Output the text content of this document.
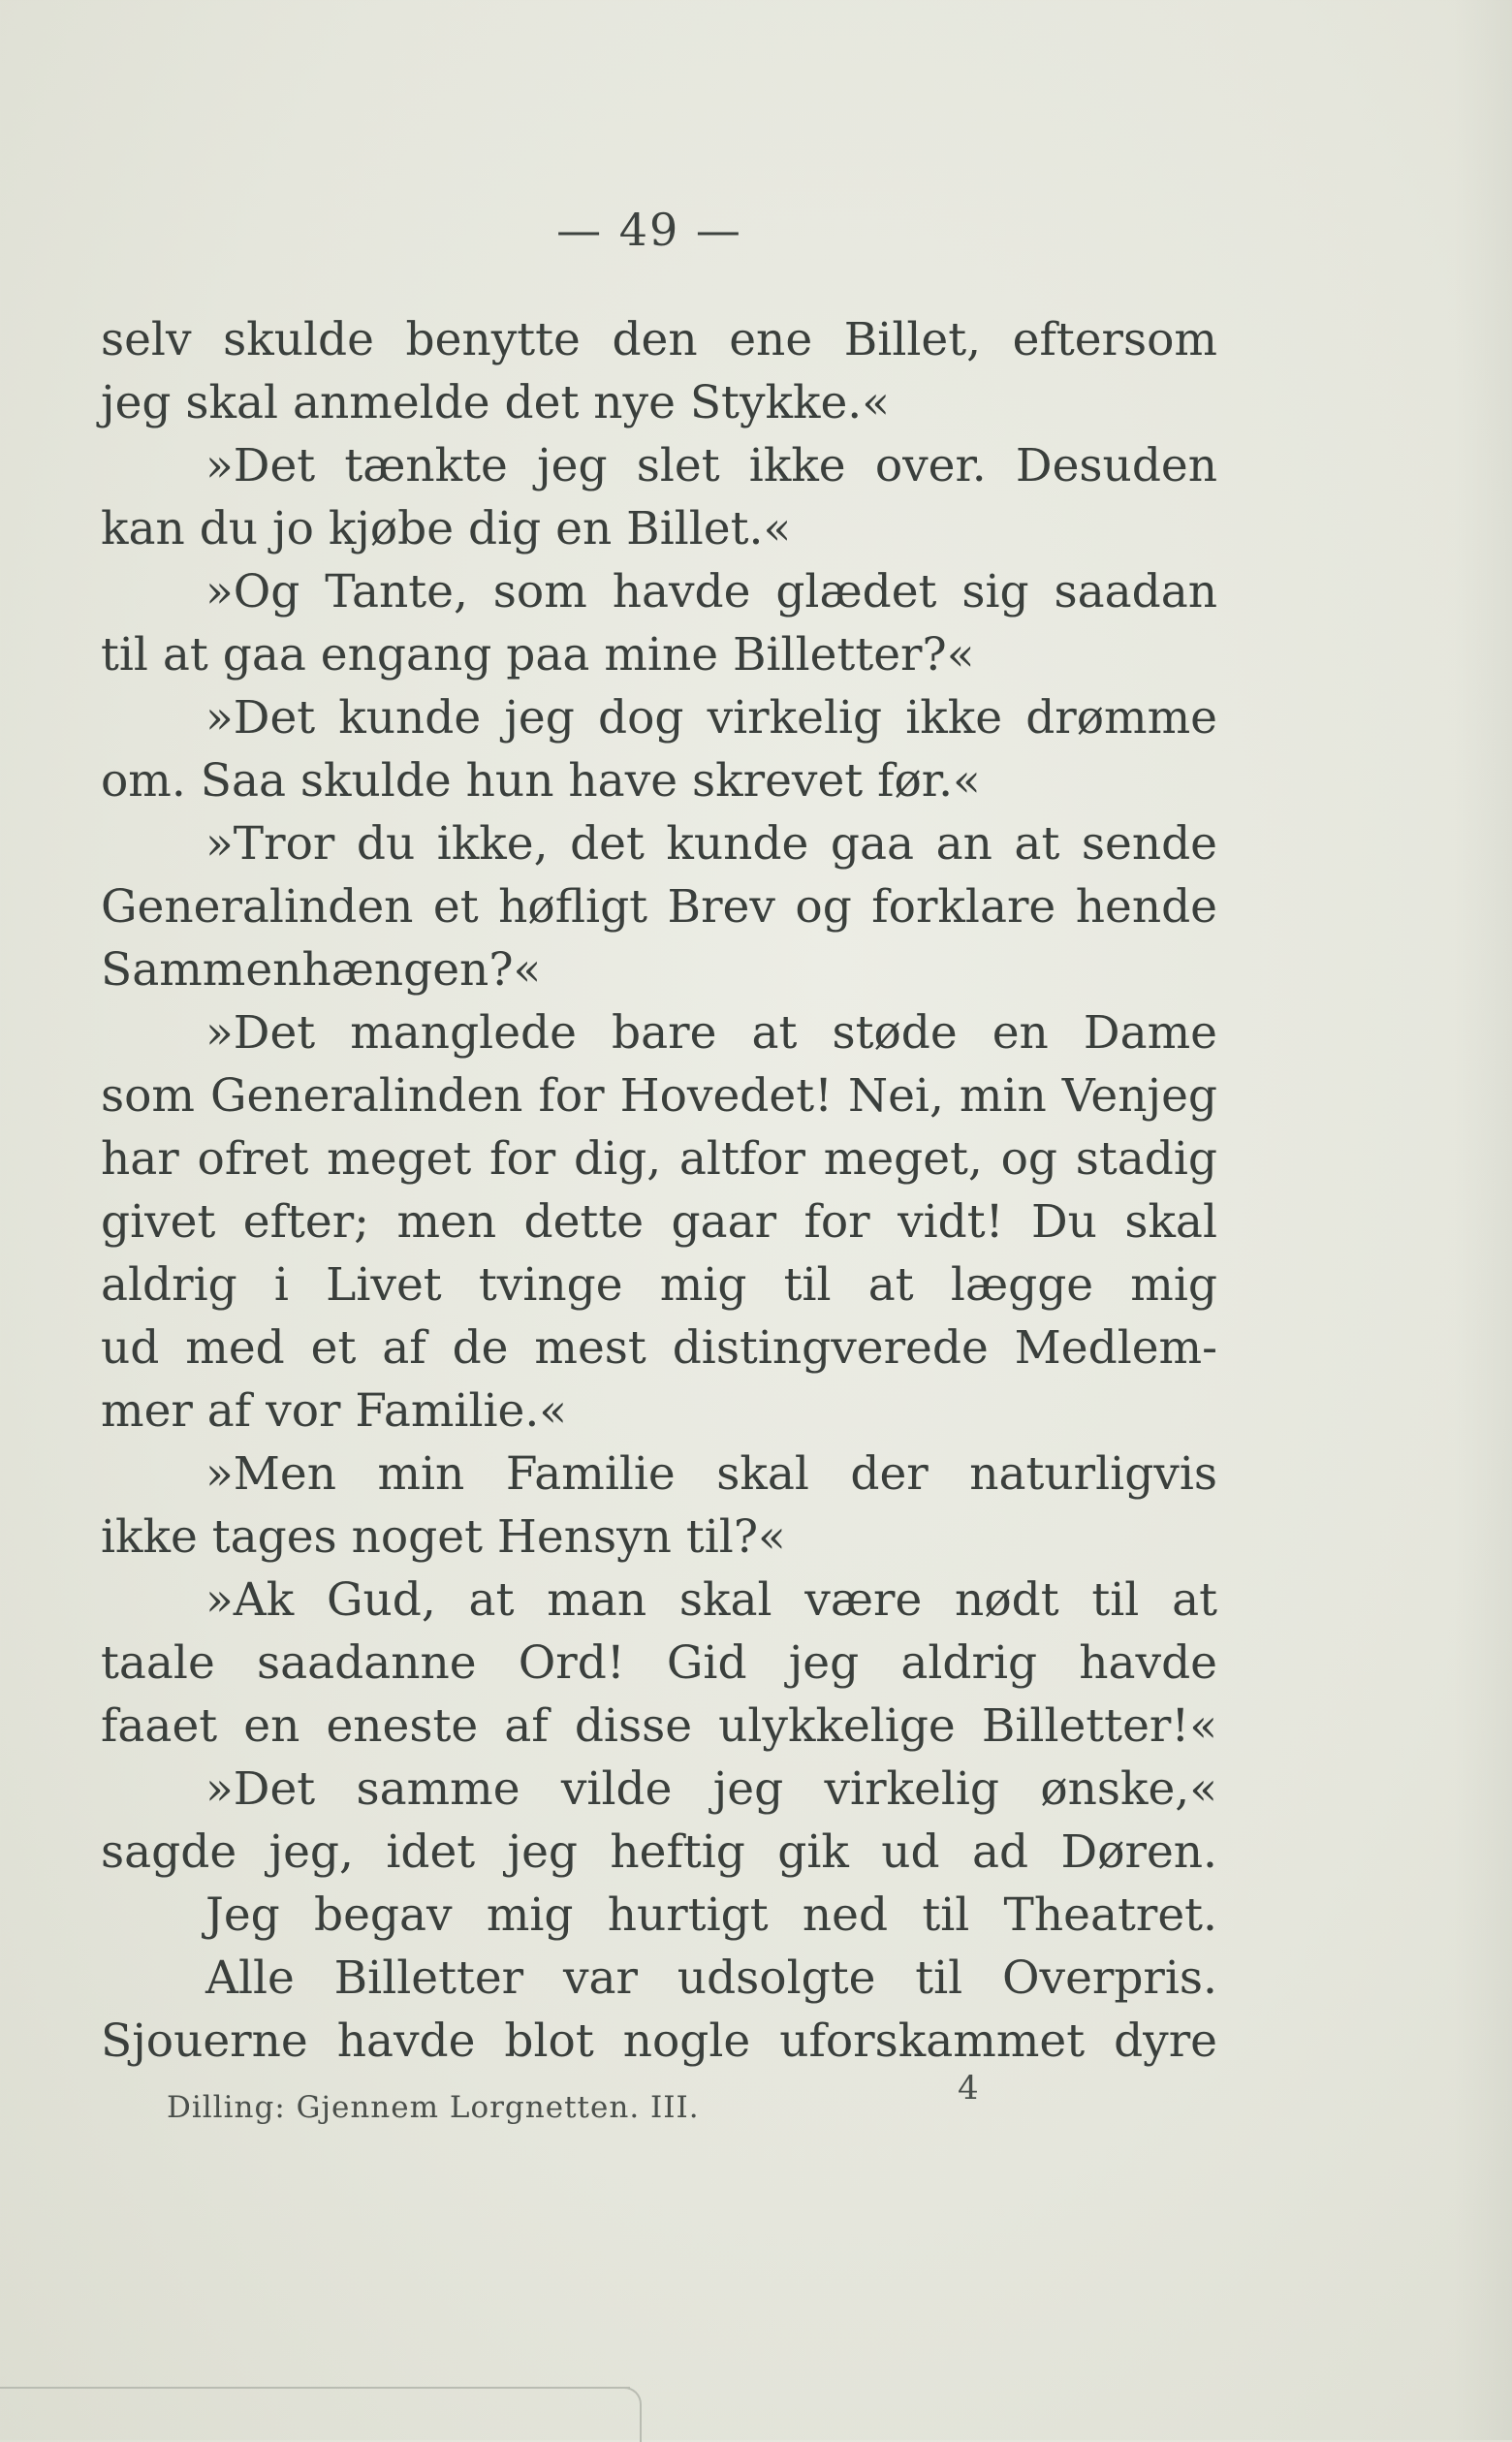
— 49 —
selv skulde benytte den ene Billet, eftersom
jeg skal anmelde det nye Stykke.«
»Det tænkte jeg slet ikke over. Desuden
kan du jo kjøbe dig en Billet.«
»Og Tante, som havde glædet sig saadan
til at gaa engang paa mine Billetter?«
»Det kunde jeg dog virkelig ikke drømme
om. Saa skulde hun have skrevet før.«
»Tror du ikke, det kunde gaa an at sende
Generalinden et høfligt Brev og forklare hende
Sammenhængen?«
»Det manglede bare at støde en Dame
som Generalinden for Hovedet! Nei, min Venjeg
har ofret meget for dig, altfor meget, og stadig
givet efter; men dette gaar for vidt! Du skal
aldrig i Livet tvinge mig til at lægge mig
ud med et af de mest distingverede Medlem-
mer af vor Familie.«
»Men min Familie skal der naturligvis
ikke tages noget Hensyn til?«
»Ak Gud, at man skal være nødt til at
taale saadanne Ord! Gid jeg aldrig havde
faaet en eneste af disse ulykkelige Billetter!«
»Det samme vilde jeg virkelig ønske,«
sagde jeg, idet jeg heftig gik ud ad Døren.
Jeg begav mig hurtigt ned til Theatret.
Alle Billetter var udsolgte til Overpris.
Sjouerne havde blot nogle uforskammet dyre
Dilling: Gjennem Lorgnetten. III.	4
